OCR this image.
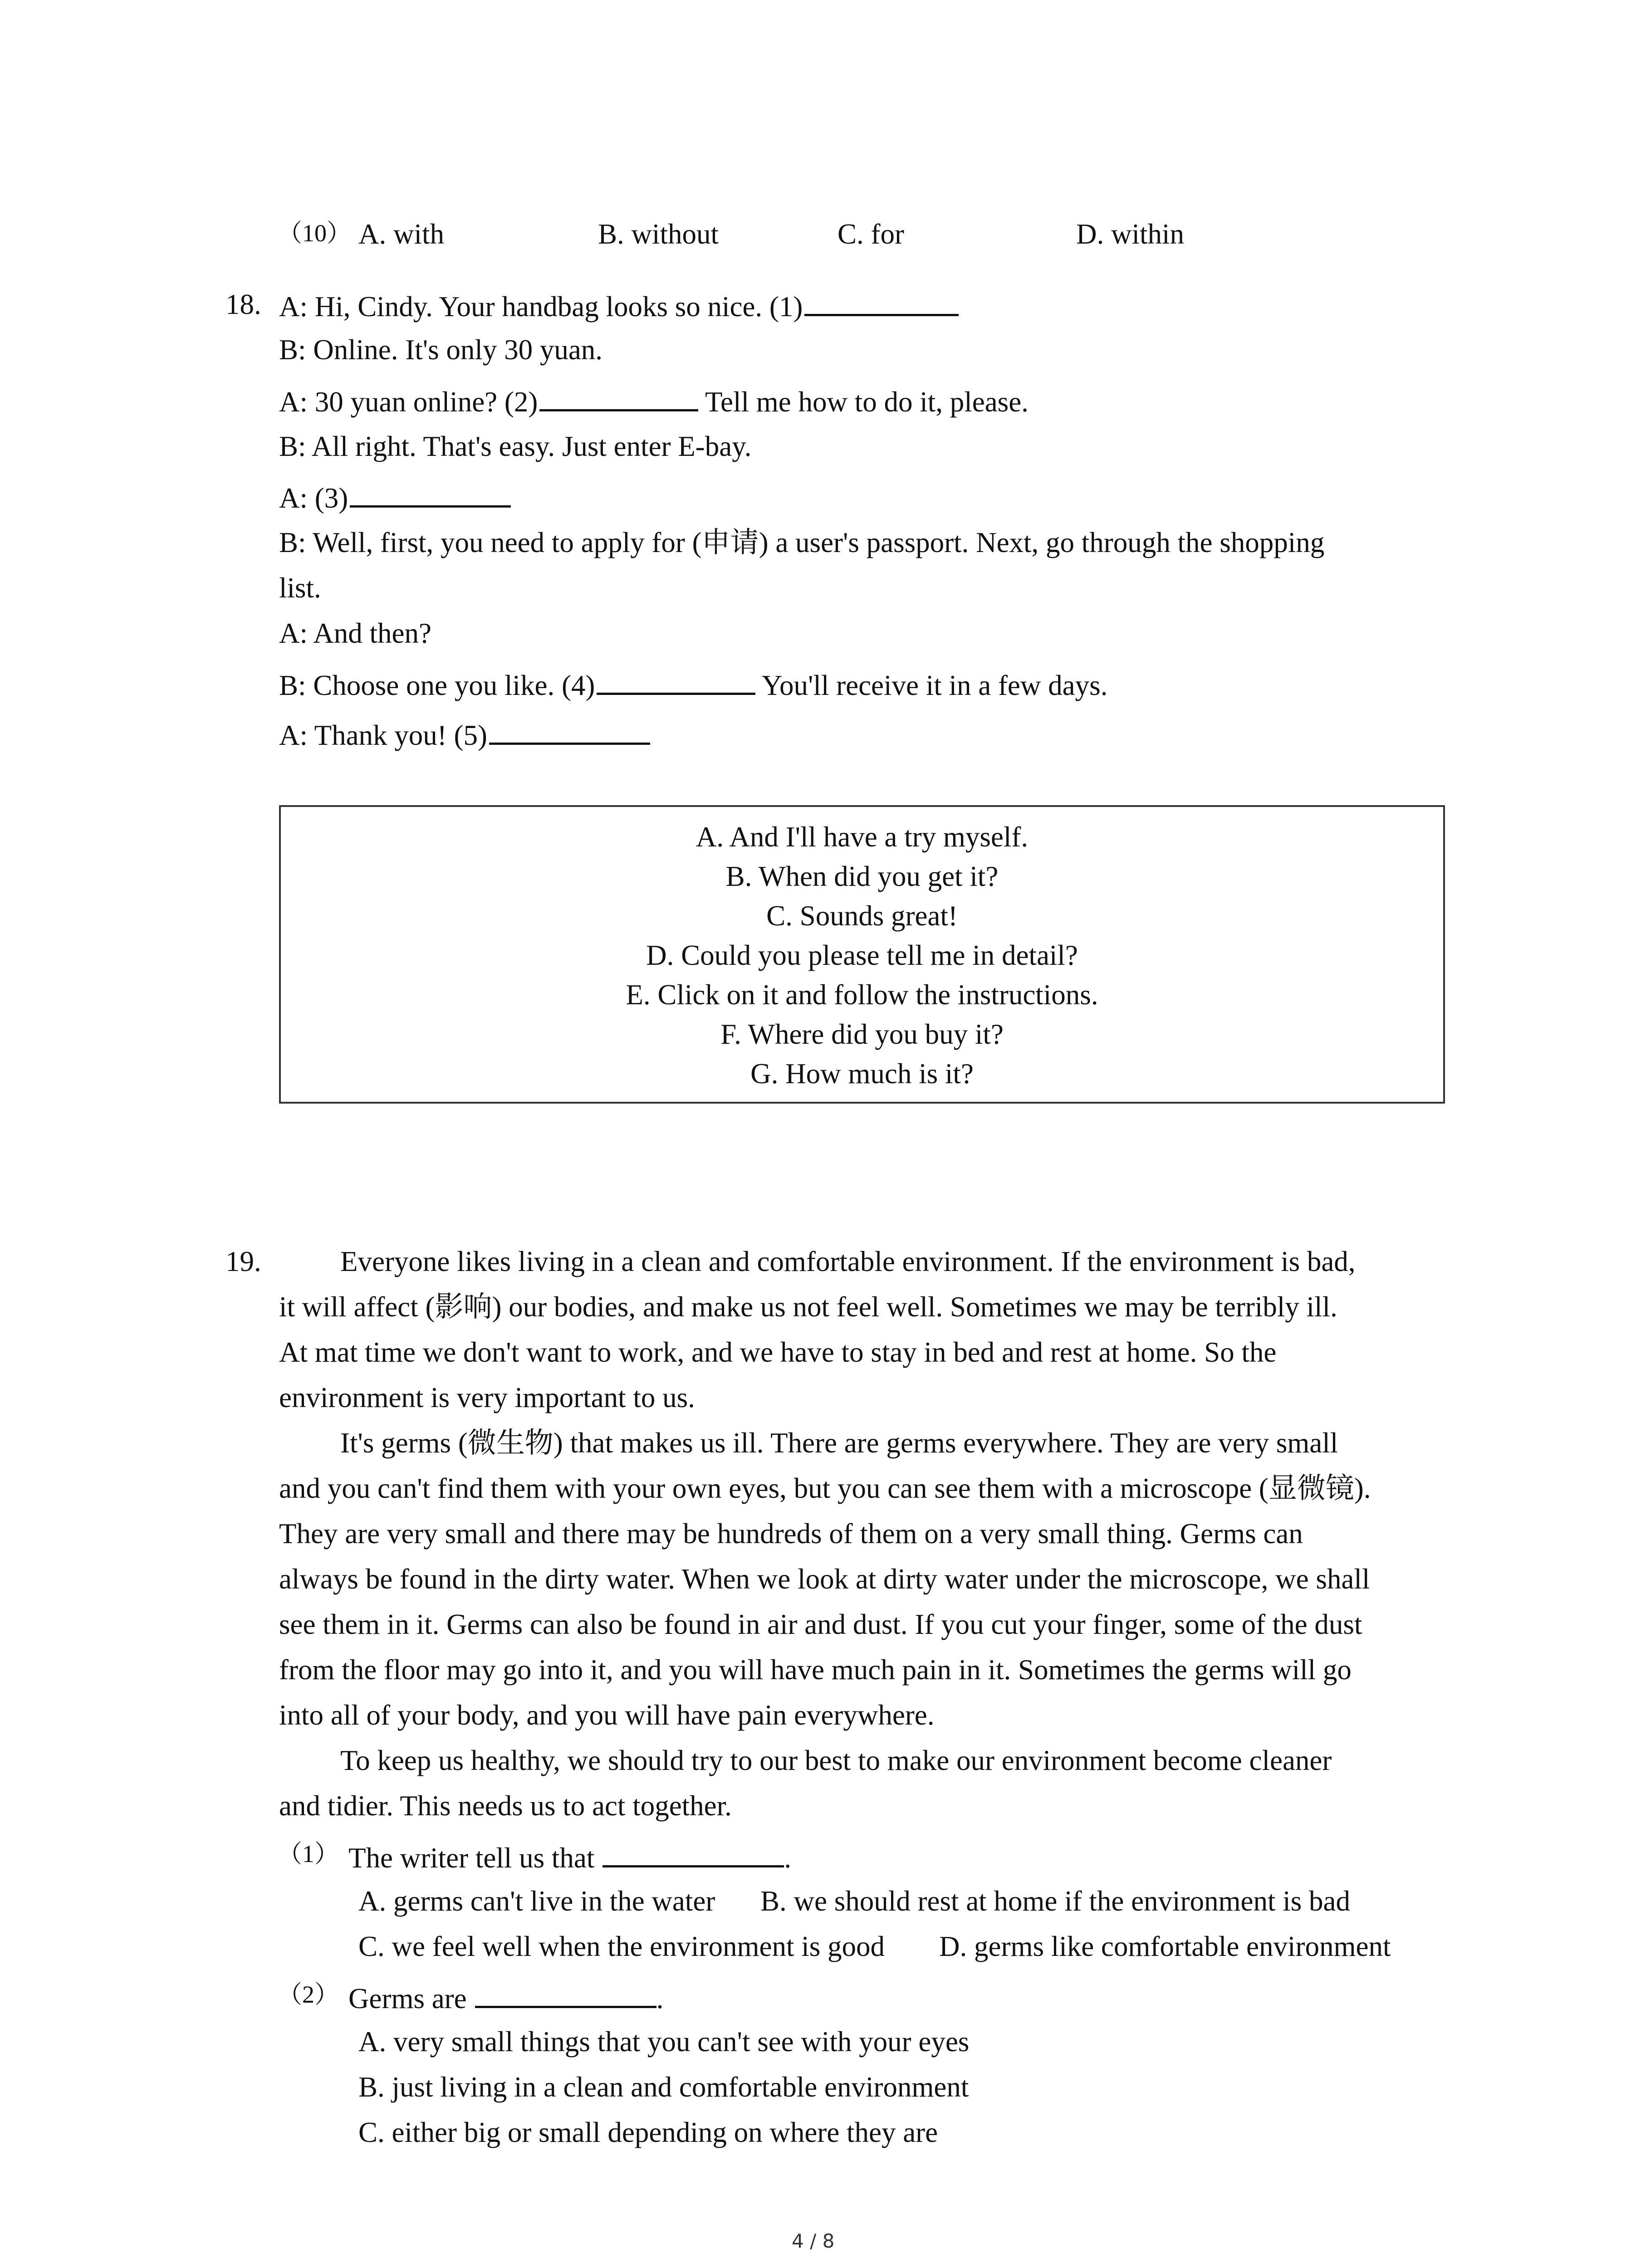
（10） A. with	B. without	C. for	D. within
18. A: Hi, Cindy. Your handbag looks so nice. (1)
B: Online. It's only 30 yuan.
A: 30 yuan online? (2)	Tell me how to do it, please.
B: All right. That's easy. Just enter E-bay.
A: (3)
B: Well, first, you need to apply for (申请) a user's passport. Next, go through the shopping
list.
A: And then?
B: Choose one you like. (4)	You'll receive it in a few days.
A: Thank you! (5)
A. And I'll have a try myself.
B. When did you get it?
C. Sounds great!
D. Could you please tell me in detail?
E. Click on it and follow the instructions.
F. Where did you buy it?
G. How much is it?
19.	Everyone likes living in a clean and comfortable environment. If the environment is bad,
it will affect (影响) our bodies, and make us not feel well. Sometimes we may be terribly ill.
At mat time we don't want to work, and we have to stay in bed and rest at home. So the
environment is very important to us.
It's germs (微生物) that makes us ill. There are germs everywhere. They are very small
and you can't find them with your own eyes, but you can see them with a microscope (显微镜).
They are very small and there may be hundreds of them on a very small thing. Germs can
always be found in the dirty water. When we look at dirty water under the microscope, we shall
see them in it. Germs can also be found in air and dust. If you cut your finger, some of the dust
from the floor may go into it, and you will have much pain in it. Sometimes the germs will go
into all of your body, and you will have pain everywhere.
To keep us healthy, we should try to our best to make our environment become cleaner
and tidier. This needs us to act together.
（1） The writer tell us that	.
A. germs can't live in the water B. we should rest at home if the environment is bad
C. we feel well when the environment is good D. germs like comfortable environment
（2） Germs are	.
A. very small things that you can't see with your eyes
B. just living in a clean and comfortable environment
C. either big or small depending on where they are
4 / 8
